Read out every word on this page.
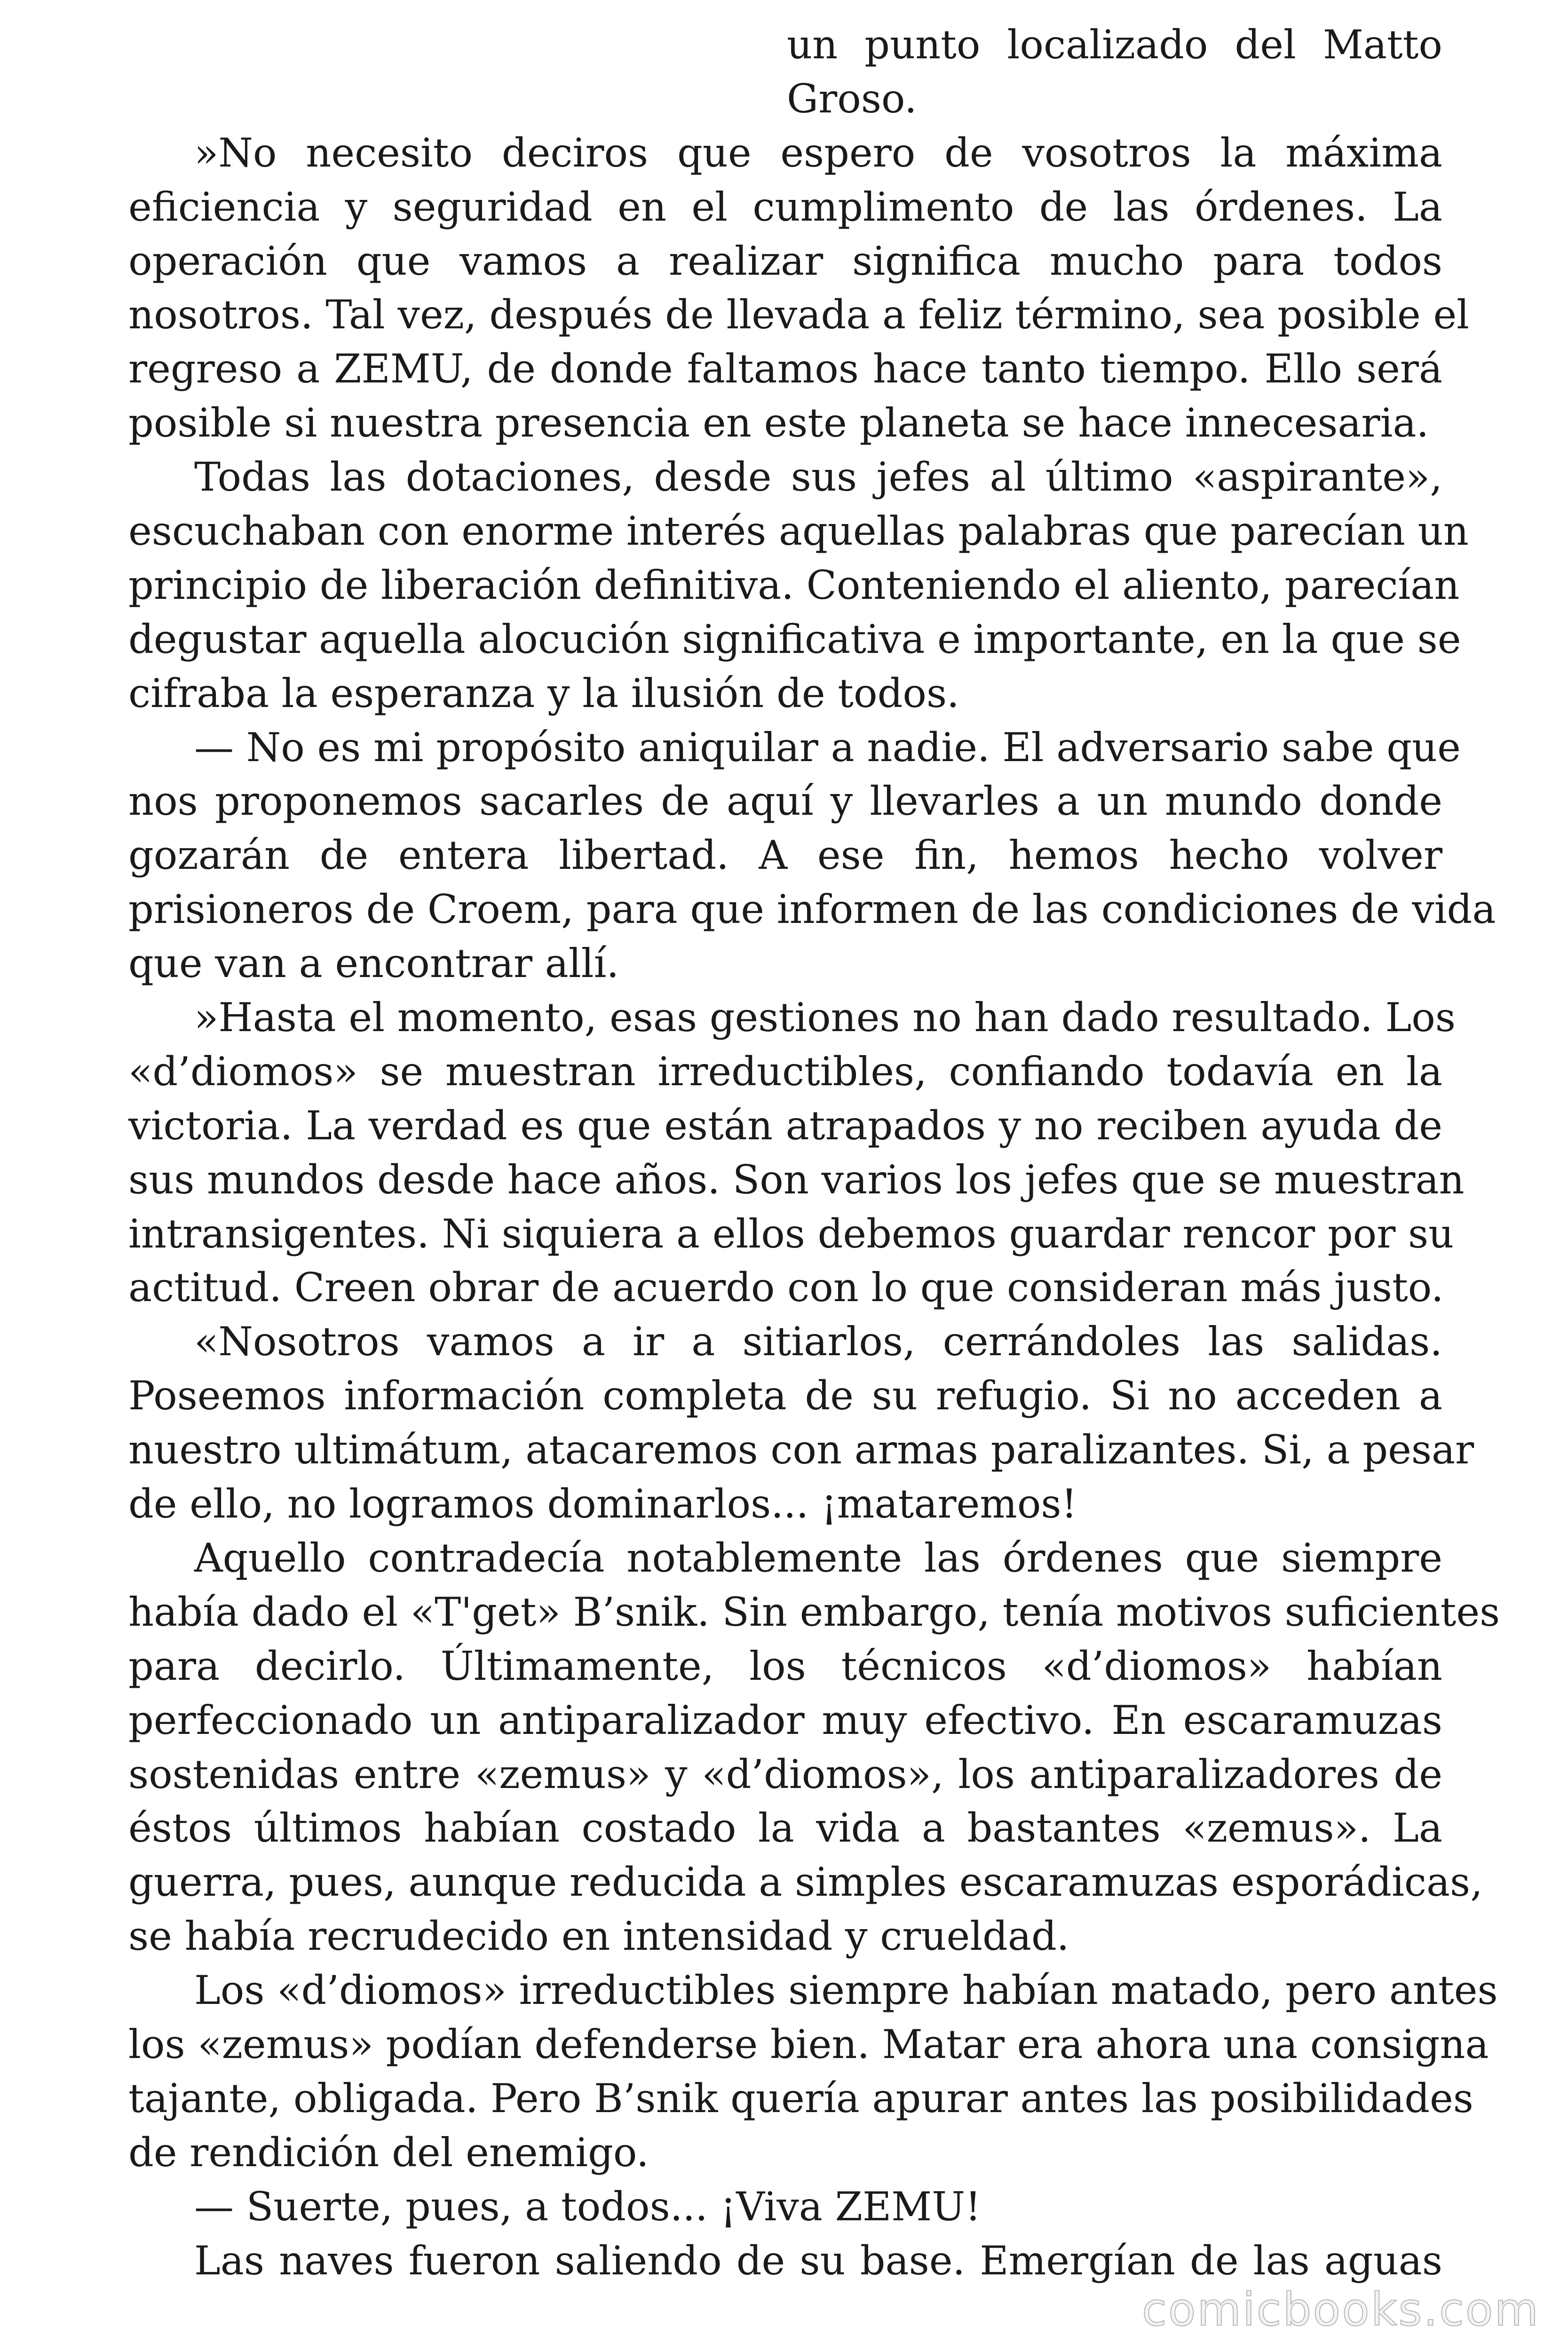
un punto localizado del Matto
Groso.
»No necesito deciros que espero de vosotros la máxima
eficiencia y seguridad en el cumplimento de las órdenes. La
operación que vamos a realizar significa mucho para todos
nosotros. Tal vez, después de llevada a feliz término, sea posible el
regreso a ZEMU, de donde faltamos hace tanto tiempo. Ello será
posible si nuestra presencia en este planeta se hace innecesaria.
Todas las dotaciones, desde sus jefes al último «aspirante»,
escuchaban con enorme interés aquellas palabras que parecían un
principio de liberación definitiva. Conteniendo el aliento, parecían
degustar aquella alocución significativa e importante, en la que se
cifraba la esperanza y la ilusión de todos.
— No es mi propósito aniquilar a nadie. El adversario sabe que
nos proponemos sacarles de aquí y llevarles a un mundo donde
gozarán de entera libertad. A ese fin, hemos hecho volver
prisioneros de Croem, para que informen de las condiciones de vida
que van a encontrar allí.
»Hasta el momento, esas gestiones no han dado resultado. Los
«d’diomos» se muestran irreductibles, confiando todavía en la
victoria. La verdad es que están atrapados y no reciben ayuda de
sus mundos desde hace años. Son varios los jefes que se muestran
intransigentes. Ni siquiera a ellos debemos guardar rencor por su
actitud. Creen obrar de acuerdo con lo que consideran más justo.
«Nosotros vamos a ir a sitiarlos, cerrándoles las salidas.
Poseemos información completa de su refugio. Si no acceden a
nuestro ultimátum, atacaremos con armas paralizantes. Si, a pesar
de ello, no logramos dominarlos... ¡mataremos!
Aquello contradecía notablemente las órdenes que siempre
había dado el «T'get» B’snik. Sin embargo, tenía motivos suficientes
para decirlo. Últimamente, los técnicos «d’diomos» habían
perfeccionado un antiparalizador muy efectivo. En escaramuzas
sostenidas entre «zemus» y «d’diomos», los antiparalizadores de
éstos últimos habían costado la vida a bastantes «zemus». La
guerra, pues, aunque reducida a simples escaramuzas esporádicas,
se había recrudecido en intensidad y crueldad.
Los «d’diomos» irreductibles siempre habían matado, pero antes
los «zemus» podían defenderse bien. Matar era ahora una consigna
tajante, obligada. Pero B’snik quería apurar antes las posibilidades
de rendición del enemigo.
— Suerte, pues, a todos... ¡Viva ZEMU!
Las naves fueron saliendo de su base. Emergían de las aguas
comicbooks.com
